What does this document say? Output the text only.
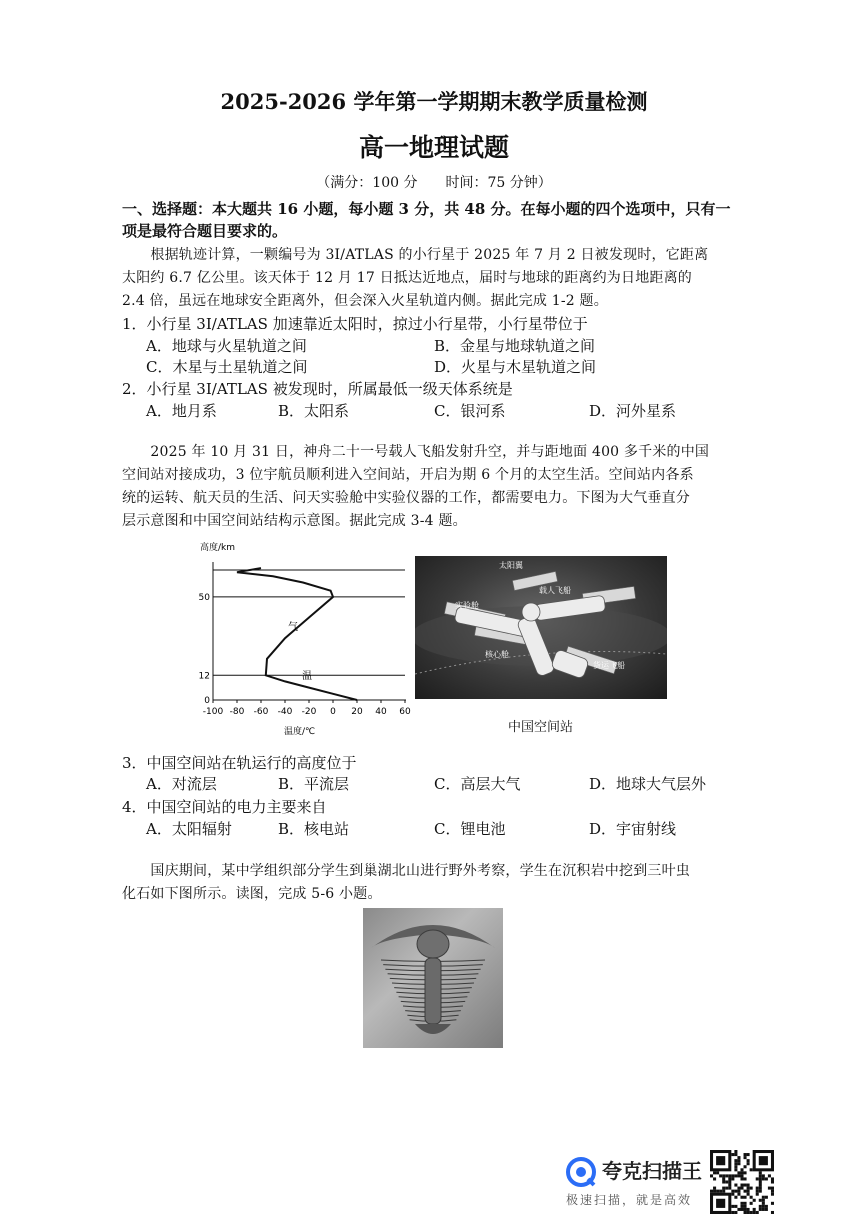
2025-2026 学年第一学期期末教学质量检测
高一地理试题
（满分：100 分　　时间：75 分钟）
一、选择题：本大题共 16 小题，每小题 3 分，共 48 分。在每小题的四个选项中，只有一
项是最符合题目要求的。
　　根据轨迹计算，一颗编号为 3I/ATLAS 的小行星于 2025 年 7 月 2 日被发现时，它距离
太阳约 6.7 亿公里。该天体于 12 月 17 日抵达近地点，届时与地球的距离约为日地距离的
2.4 倍，虽远在地球安全距离外，但会深入火星轨道内侧。据此完成 1-2 题。
1．小行星 3I/ATLAS 加速靠近太阳时，掠过小行星带，小行星带位于
A．地球与火星轨道之间	B．金星与地球轨道之间
C．木星与土星轨道之间	D．火星与木星轨道之间
2．小行星 3I/ATLAS 被发现时，所属最低一级天体系统是
A．地月系	B．太阳系	C．银河系	D．河外星系
　　2025 年 10 月 31 日，神舟二十一号载人飞船发射升空，并与距地面 400 多千米的中国
空间站对接成功，3 位宇航员顺利进入空间站，开启为期 6 个月的太空生活。空间站内各系
统的运转、航天员的生活、问天实验舱中实验仪器的工作，都需要电力。下图为大气垂直分
层示意图和中国空间站结构示意图。据此完成 3-4 题。
高度/km
0
12
50
-100 -80 -60 -40 -20 0 20 40 60
气
温
温度/℃
太阳翼
载人飞船
实验舱
核心舱
货运飞船
中国空间站
3．中国空间站在轨运行的高度位于
A．对流层	B．平流层	C．高层大气	D．地球大气层外
4．中国空间站的电力主要来自
A．太阳辐射	B．核电站	C．锂电池	D．宇宙射线
　　国庆期间，某中学组织部分学生到巢湖北山进行野外考察，学生在沉积岩中挖到三叶虫
化石如下图所示。读图，完成 5-6 小题。
夸克扫描王
极速扫描，就是高效
